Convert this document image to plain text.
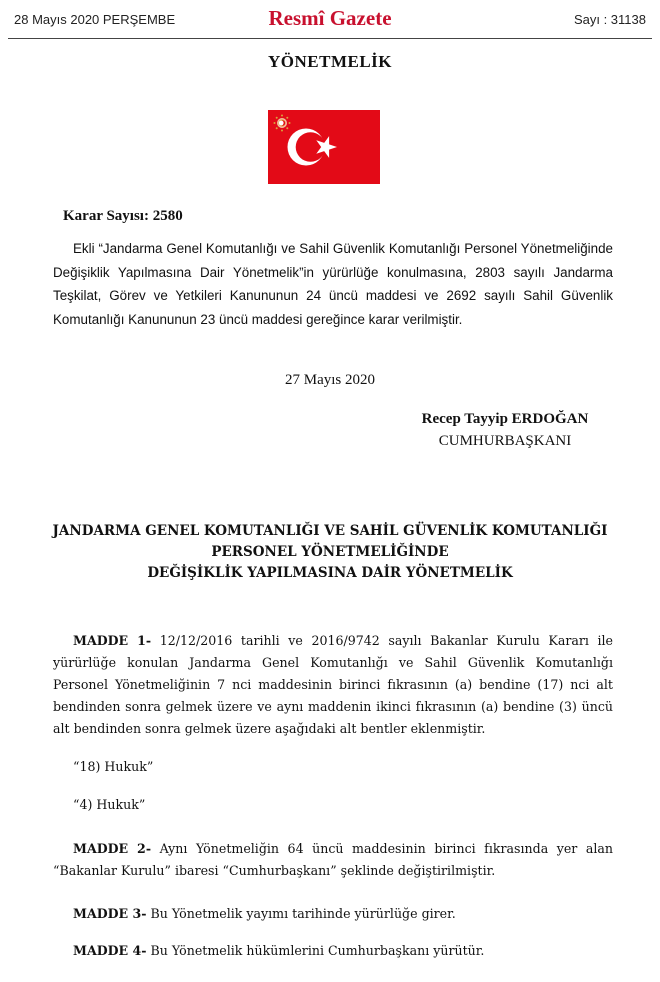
28 Mayıs 2020 PERŞEMBE	Resmî Gazete	Sayı : 31138
YÖNETMELİK
Karar Sayısı: 2580
Ekli “Jandarma Genel Komutanlığı ve Sahil Güvenlik Komutanlığı Personel Yönetmeliğinde Değişiklik Yapılmasına Dair Yönetmelik”in yürürlüğe konulmasına, 2803 sayılı Jandarma Teşkilat, Görev ve Yetkileri Kanununun 24 üncü maddesi ve 2692 sayılı Sahil Güvenlik Komutanlığı Kanununun 23 üncü maddesi gereğince karar verilmiştir.
27 Mayıs 2020
Recep Tayyip ERDOĞAN
CUMHURBAŞKANI
JANDARMA GENEL KOMUTANLIĞI VE SAHİL GÜVENLİK KOMUTANLIĞI
PERSONEL YÖNETMELİĞİNDE
DEĞİŞİKLİK YAPILMASINA DAİR YÖNETMELİK
MADDE 1- 12/12/2016 tarihli ve 2016/9742 sayılı Bakanlar Kurulu Kararı ile yürürlüğe konulan Jandarma Genel Komutanlığı ve Sahil Güvenlik Komutanlığı Personel Yönetmeliğinin 7 nci maddesinin birinci fıkrasının (a) bendine (17) nci alt bendinden sonra gelmek üzere ve aynı maddenin ikinci fıkrasının (a) bendine (3) üncü alt bendinden sonra gelmek üzere aşağıdaki alt bentler eklenmiştir.
“18) Hukuk”
“4) Hukuk”
MADDE 2- Aynı Yönetmeliğin 64 üncü maddesinin birinci fıkrasında yer alan “Bakanlar Kurulu” ibaresi “Cumhurbaşkanı” şeklinde değiştirilmiştir.
MADDE 3- Bu Yönetmelik yayımı tarihinde yürürlüğe girer.
MADDE 4- Bu Yönetmelik hükümlerini Cumhurbaşkanı yürütür.
